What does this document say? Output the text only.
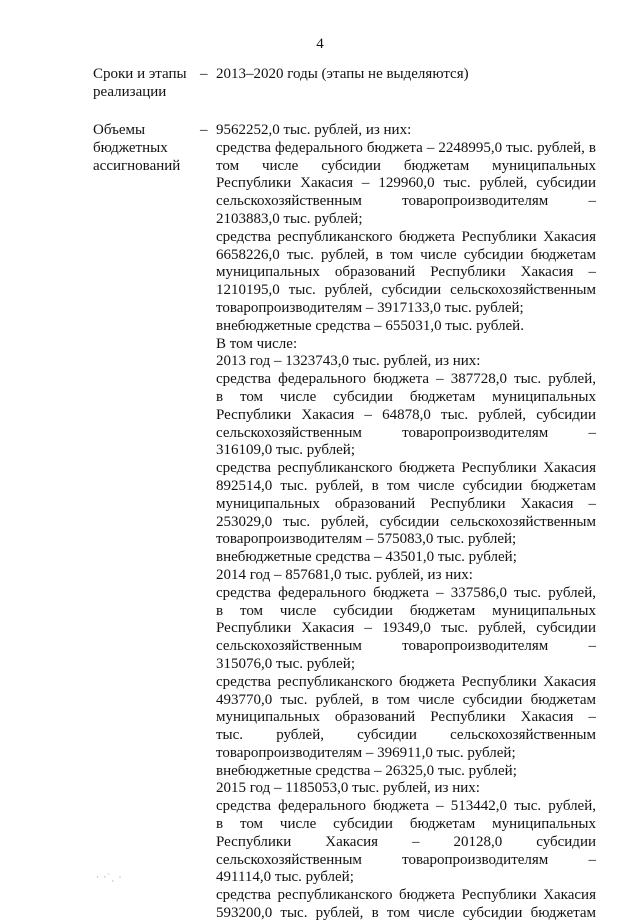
4
Сроки и этапы
реализации
– 2013–2020 годы (этапы не выделяются)
Объемы
бюджетных
ассигнований
– 9562252,0 тыс. рублей, из них:
средства федерального бюджета – 2248995,0 тыс. рублей, в
том числе субсидии бюджетам муниципальных
Республики Хакасия – 129960,0 тыс. рублей, субсидии
сельскохозяйственным товаропроизводителям –
2103883,0 тыс. рублей;
средства республиканского бюджета Республики Хакасия
6658226,0 тыс. рублей, в том числе субсидии бюджетам
муниципальных образований Республики Хакасия –
1210195,0 тыс. рублей, субсидии сельскохозяйственным
товаропроизводителям – 3917133,0 тыс. рублей;
внебюджетные средства – 655031,0 тыс. рублей.
В том числе:
2013 год – 1323743,0 тыс. рублей, из них:
средства федерального бюджета – 387728,0 тыс. рублей,
в том числе субсидии бюджетам муниципальных
Республики Хакасия – 64878,0 тыс. рублей, субсидии
сельскохозяйственным товаропроизводителям –
316109,0 тыс. рублей;
средства республиканского бюджета Республики Хакасия
892514,0 тыс. рублей, в том числе субсидии бюджетам
муниципальных образований Республики Хакасия –
253029,0 тыс. рублей, субсидии сельскохозяйственным
товаропроизводителям – 575083,0 тыс. рублей;
внебюджетные средства – 43501,0 тыс. рублей;
2014 год – 857681,0 тыс. рублей, из них:
средства федерального бюджета – 337586,0 тыс. рублей,
в том числе субсидии бюджетам муниципальных
Республики Хакасия – 19349,0 тыс. рублей, субсидии
сельскохозяйственным товаропроизводителям –
315076,0 тыс. рублей;
средства республиканского бюджета Республики Хакасия
493770,0 тыс. рублей, в том числе субсидии бюджетам
муниципальных образований Республики Хакасия –
тыс. рублей, субсидии сельскохозяйственным
товаропроизводителям – 396911,0 тыс. рублей;
внебюджетные средства – 26325,0 тыс. рублей;
2015 год – 1185053,0 тыс. рублей, из них:
средства федерального бюджета – 513442,0 тыс. рублей,
в том числе субсидии бюджетам муниципальных
Республики Хакасия – 20128,0 субсидии
сельскохозяйственным товаропроизводителям –
491114,0 тыс. рублей;
средства республиканского бюджета Республики Хакасия
593200,0 тыс. рублей, в том числе субсидии бюджетам
· ·˙ˎ ·
